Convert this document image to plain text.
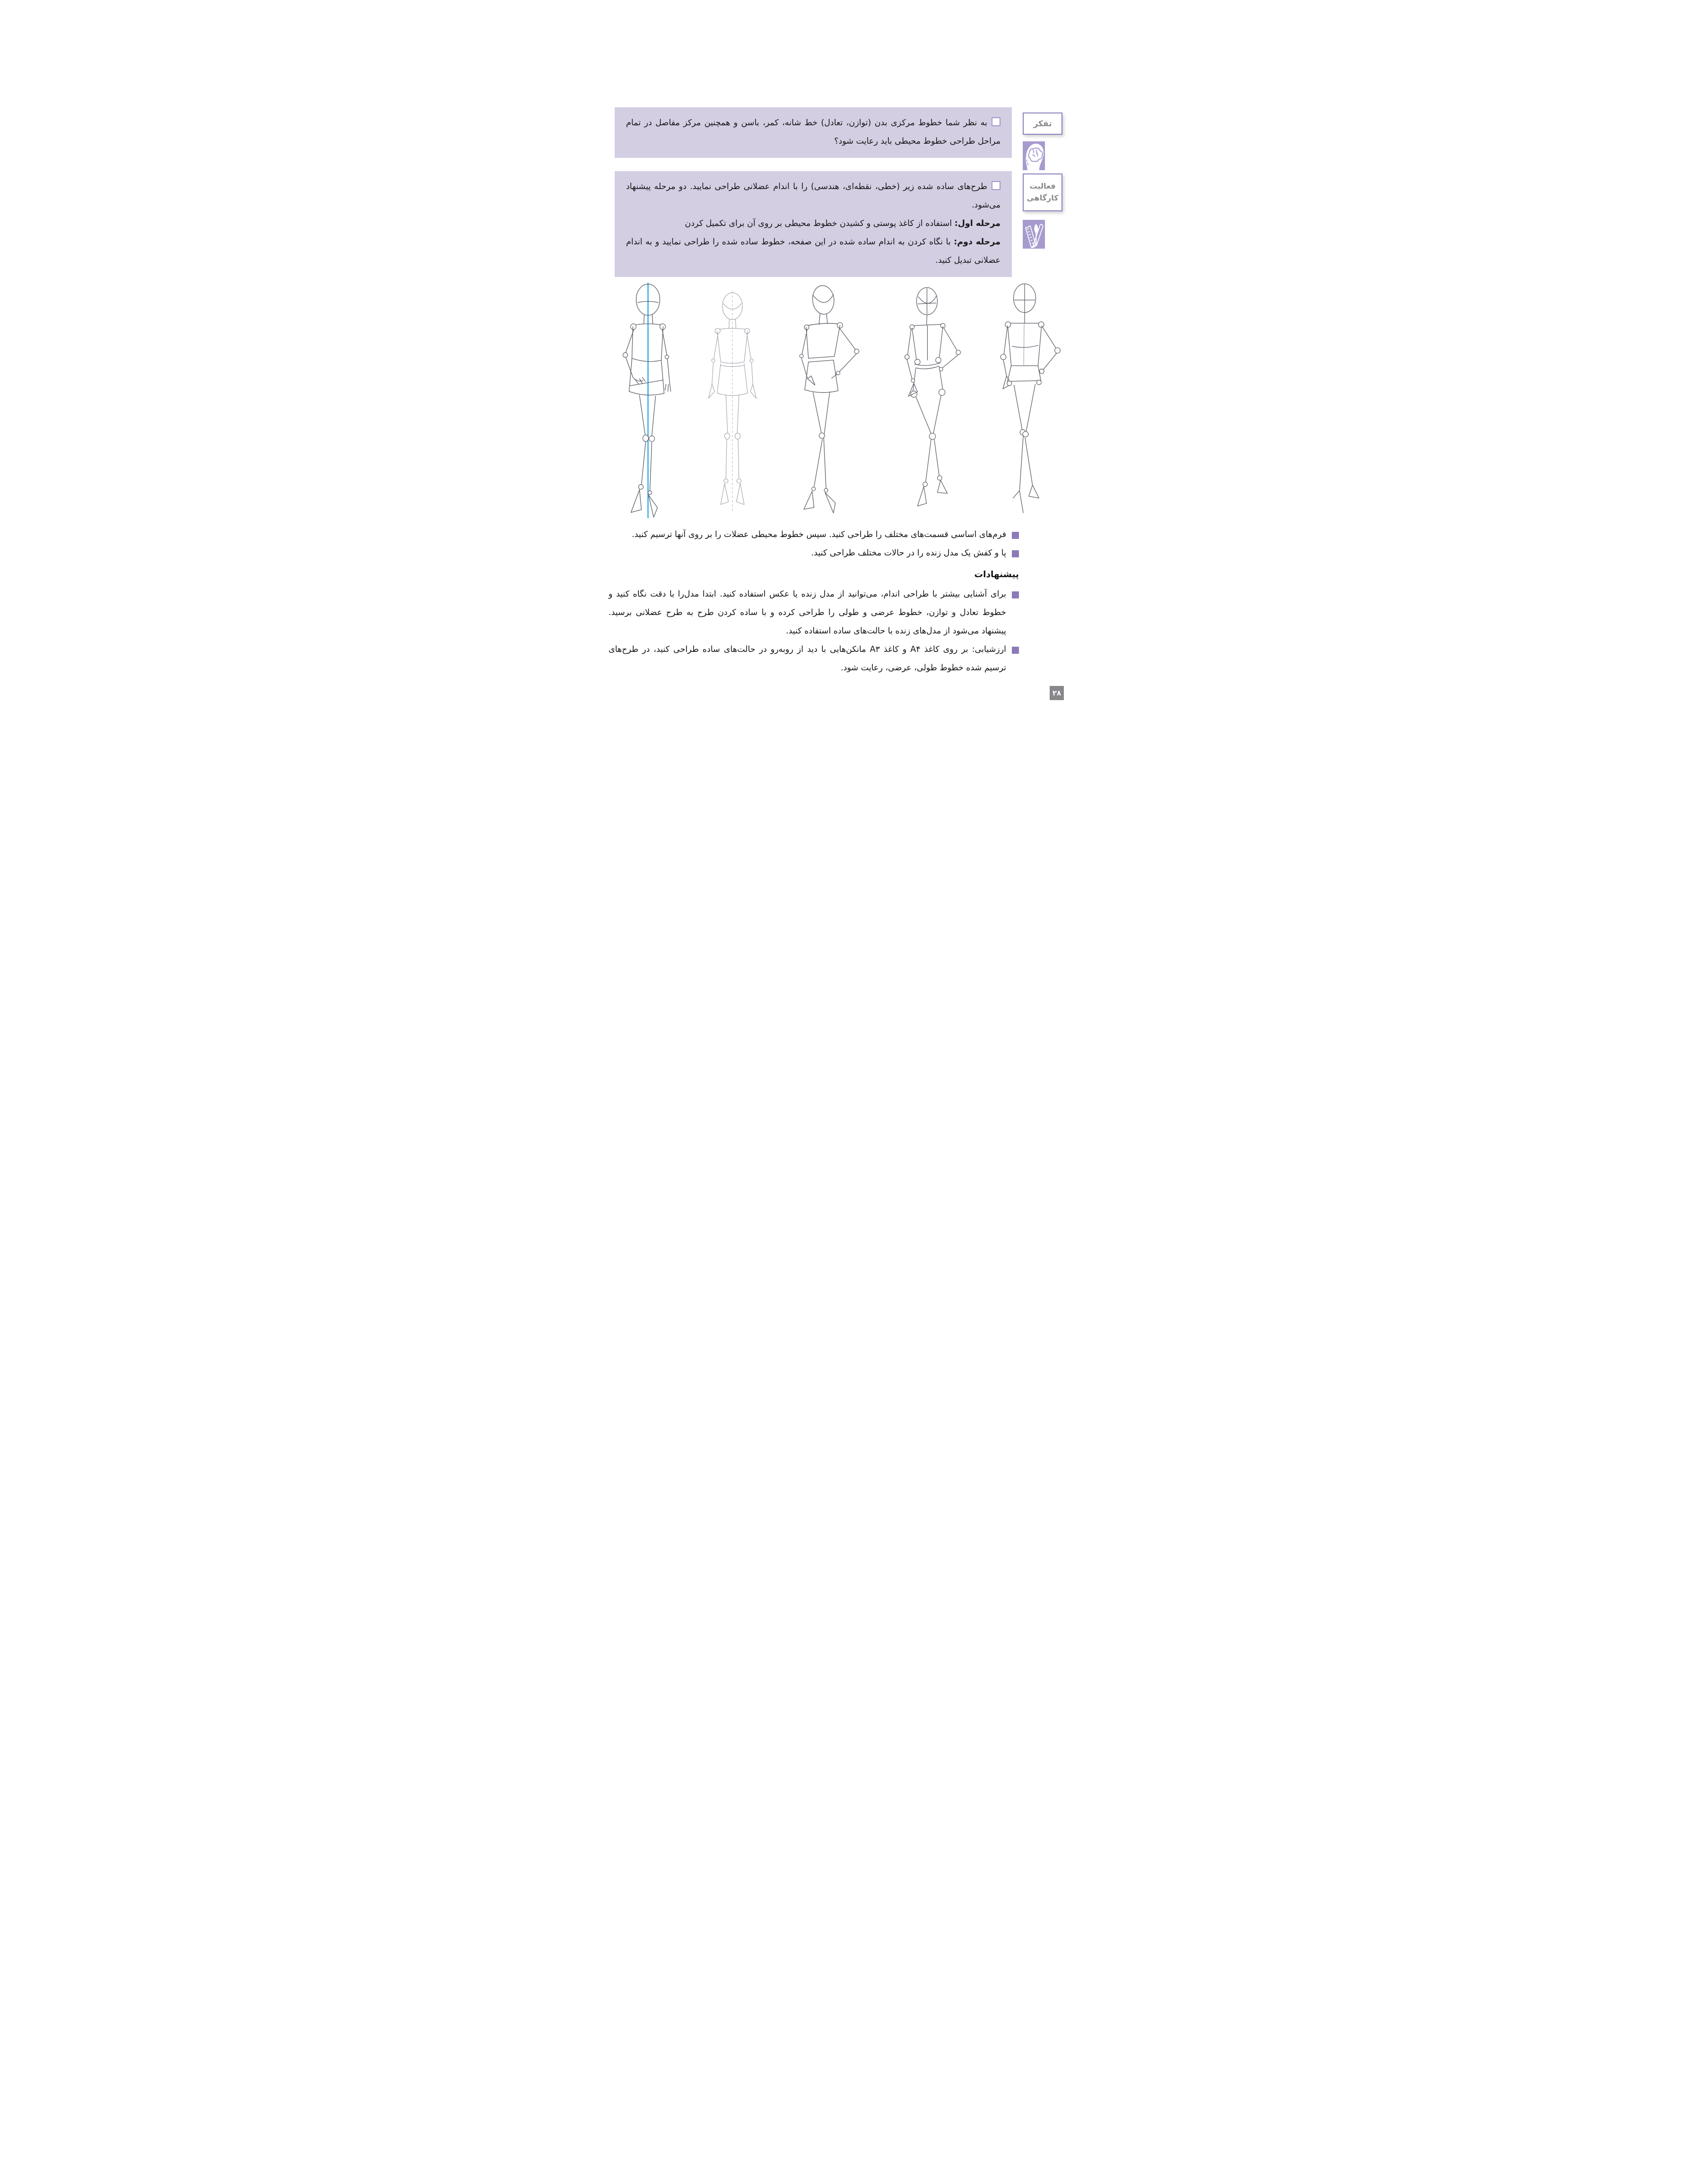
تفکر

به نظر شما خطوط مرکزی بدن (توازن، تعادل) خط شانه، کمر، باسن و همچنین مرکز مفاصل در تمام مراحل طراحی خطوط محیطی باید رعایت شود؟

فعالیت
کارگاهی

طرح‌های ساده شده زیر (خطی، نقطه‌ای، هندسی) را با اندام عضلانی طراحی نمایید. دو مرحله پیشنهاد می‌شود.

مرحله اول: استفاده از کاغذ پوستی و کشیدن خطوط محیطی بر روی آن برای تکمیل کردن

مرحله دوم: با نگاه کردن به اندام ساده شده در این صفحه، خطوط ساده شده را طراحی نمایید و به اندام عضلانی تبدیل کنید.

فرم‌های اساسی قسمت‌های مختلف را طراحی کنید. سپس خطوط محیطی عضلات را بر روی آنها ترسیم کنید.
پا و کفش یک مدل زنده را در حالات مختلف طراحی کنید.
پیشنهادات
برای آشنایی بیشتر با طراحی اندام، می‌توانید از مدل زنده یا عکس استفاده کنید. ابتدا مدل‌را با دقت نگاه کنید و خطوط تعادل و توازن، خطوط عرضی و طولی را طراحی کرده و با ساده کردن طرح به طرح عضلانی برسید. پیشنهاد می‌شود از مدل‌های زنده با حالت‌های ساده استفاده کنید.
ارزشیابی: بر روی کاغذ A۴ و کاغذ A۳ مانکن‌هایی با دید از روبه‌رو در حالت‌های ساده طراحی کنید، در طرح‌های ترسیم شده خطوط طولی، عرضی، رعایت شود.
۲۸
